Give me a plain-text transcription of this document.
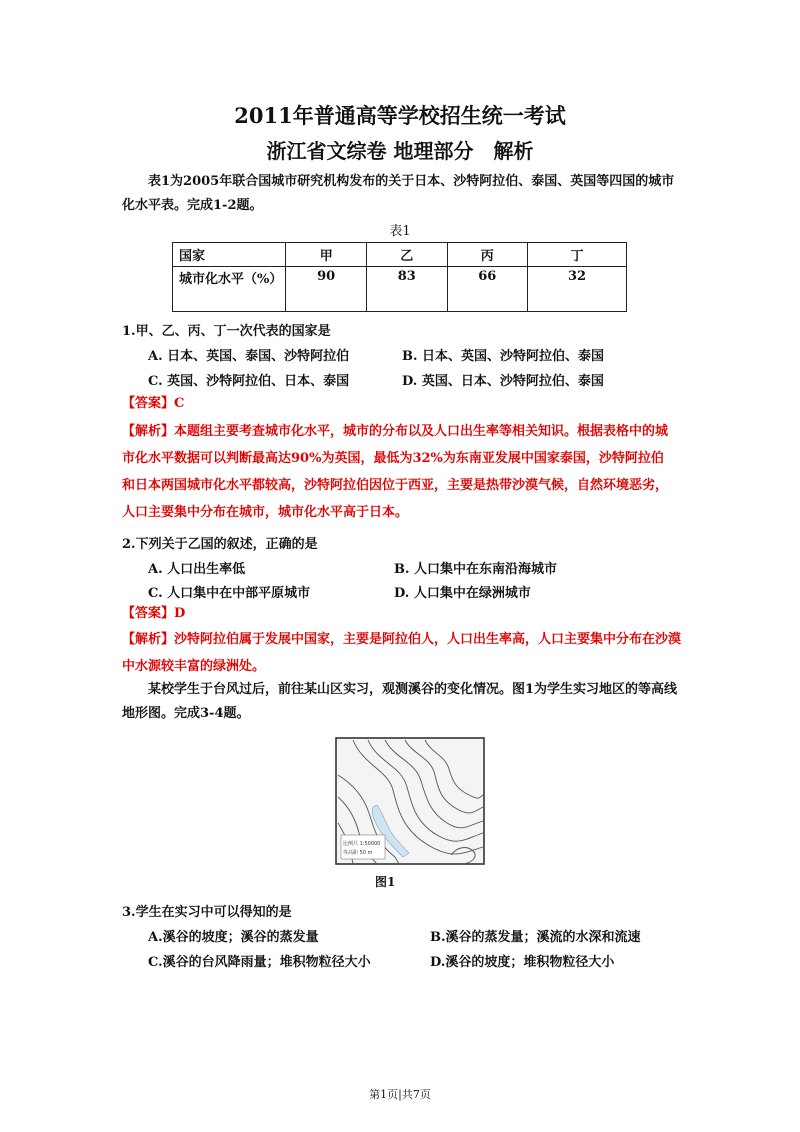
2011年普通高等学校招生统一考试
浙江省文综卷 地理部分　解析
表1为2005年联合国城市研究机构发布的关于日本、沙特阿拉伯、泰国、英国等四国的城市化水平表。完成1-2题。
表1
国家	甲	乙	丙	丁
城市化水平（%）	90	83	66	32
1.甲、乙、丙、丁一次代表的国家是
A. 日本、英国、泰国、沙特阿拉伯	B. 日本、英国、沙特阿拉伯、泰国
C. 英国、沙特阿拉伯、日本、泰国	D. 英国、日本、沙特阿拉伯、泰国
【答案】C
【解析】本题组主要考查城市化水平，城市的分布以及人口出生率等相关知识。根据表格中的城市化水平数据可以判断最高达90%为英国，最低为32%为东南亚发展中国家泰国，沙特阿拉伯和日本两国城市化水平都较高，沙特阿拉伯因位于西亚，主要是热带沙漠气候，自然环境恶劣，人口主要集中分布在城市，城市化水平高于日本。
2.下列关于乙国的叙述，正确的是
A. 人口出生率低	B. 人口集中在东南沿海城市
C. 人口集中在中部平原城市	D. 人口集中在绿洲城市
【答案】D
【解析】沙特阿拉伯属于发展中国家，主要是阿拉伯人，人口出生率高，人口主要集中分布在沙漠中水源较丰富的绿洲处。
某校学生于台风过后，前往某山区实习，观测溪谷的变化情况。图1为学生实习地区的等高线地形图。完成3-4题。
比例尺 1:50000
等高距 50 m
图1
3.学生在实习中可以得知的是
A.溪谷的坡度；溪谷的蒸发量	B.溪谷的蒸发量；溪流的水深和流速
C.溪谷的台风降雨量；堆积物粒径大小	D.溪谷的坡度；堆积物粒径大小
第1页|共7页
